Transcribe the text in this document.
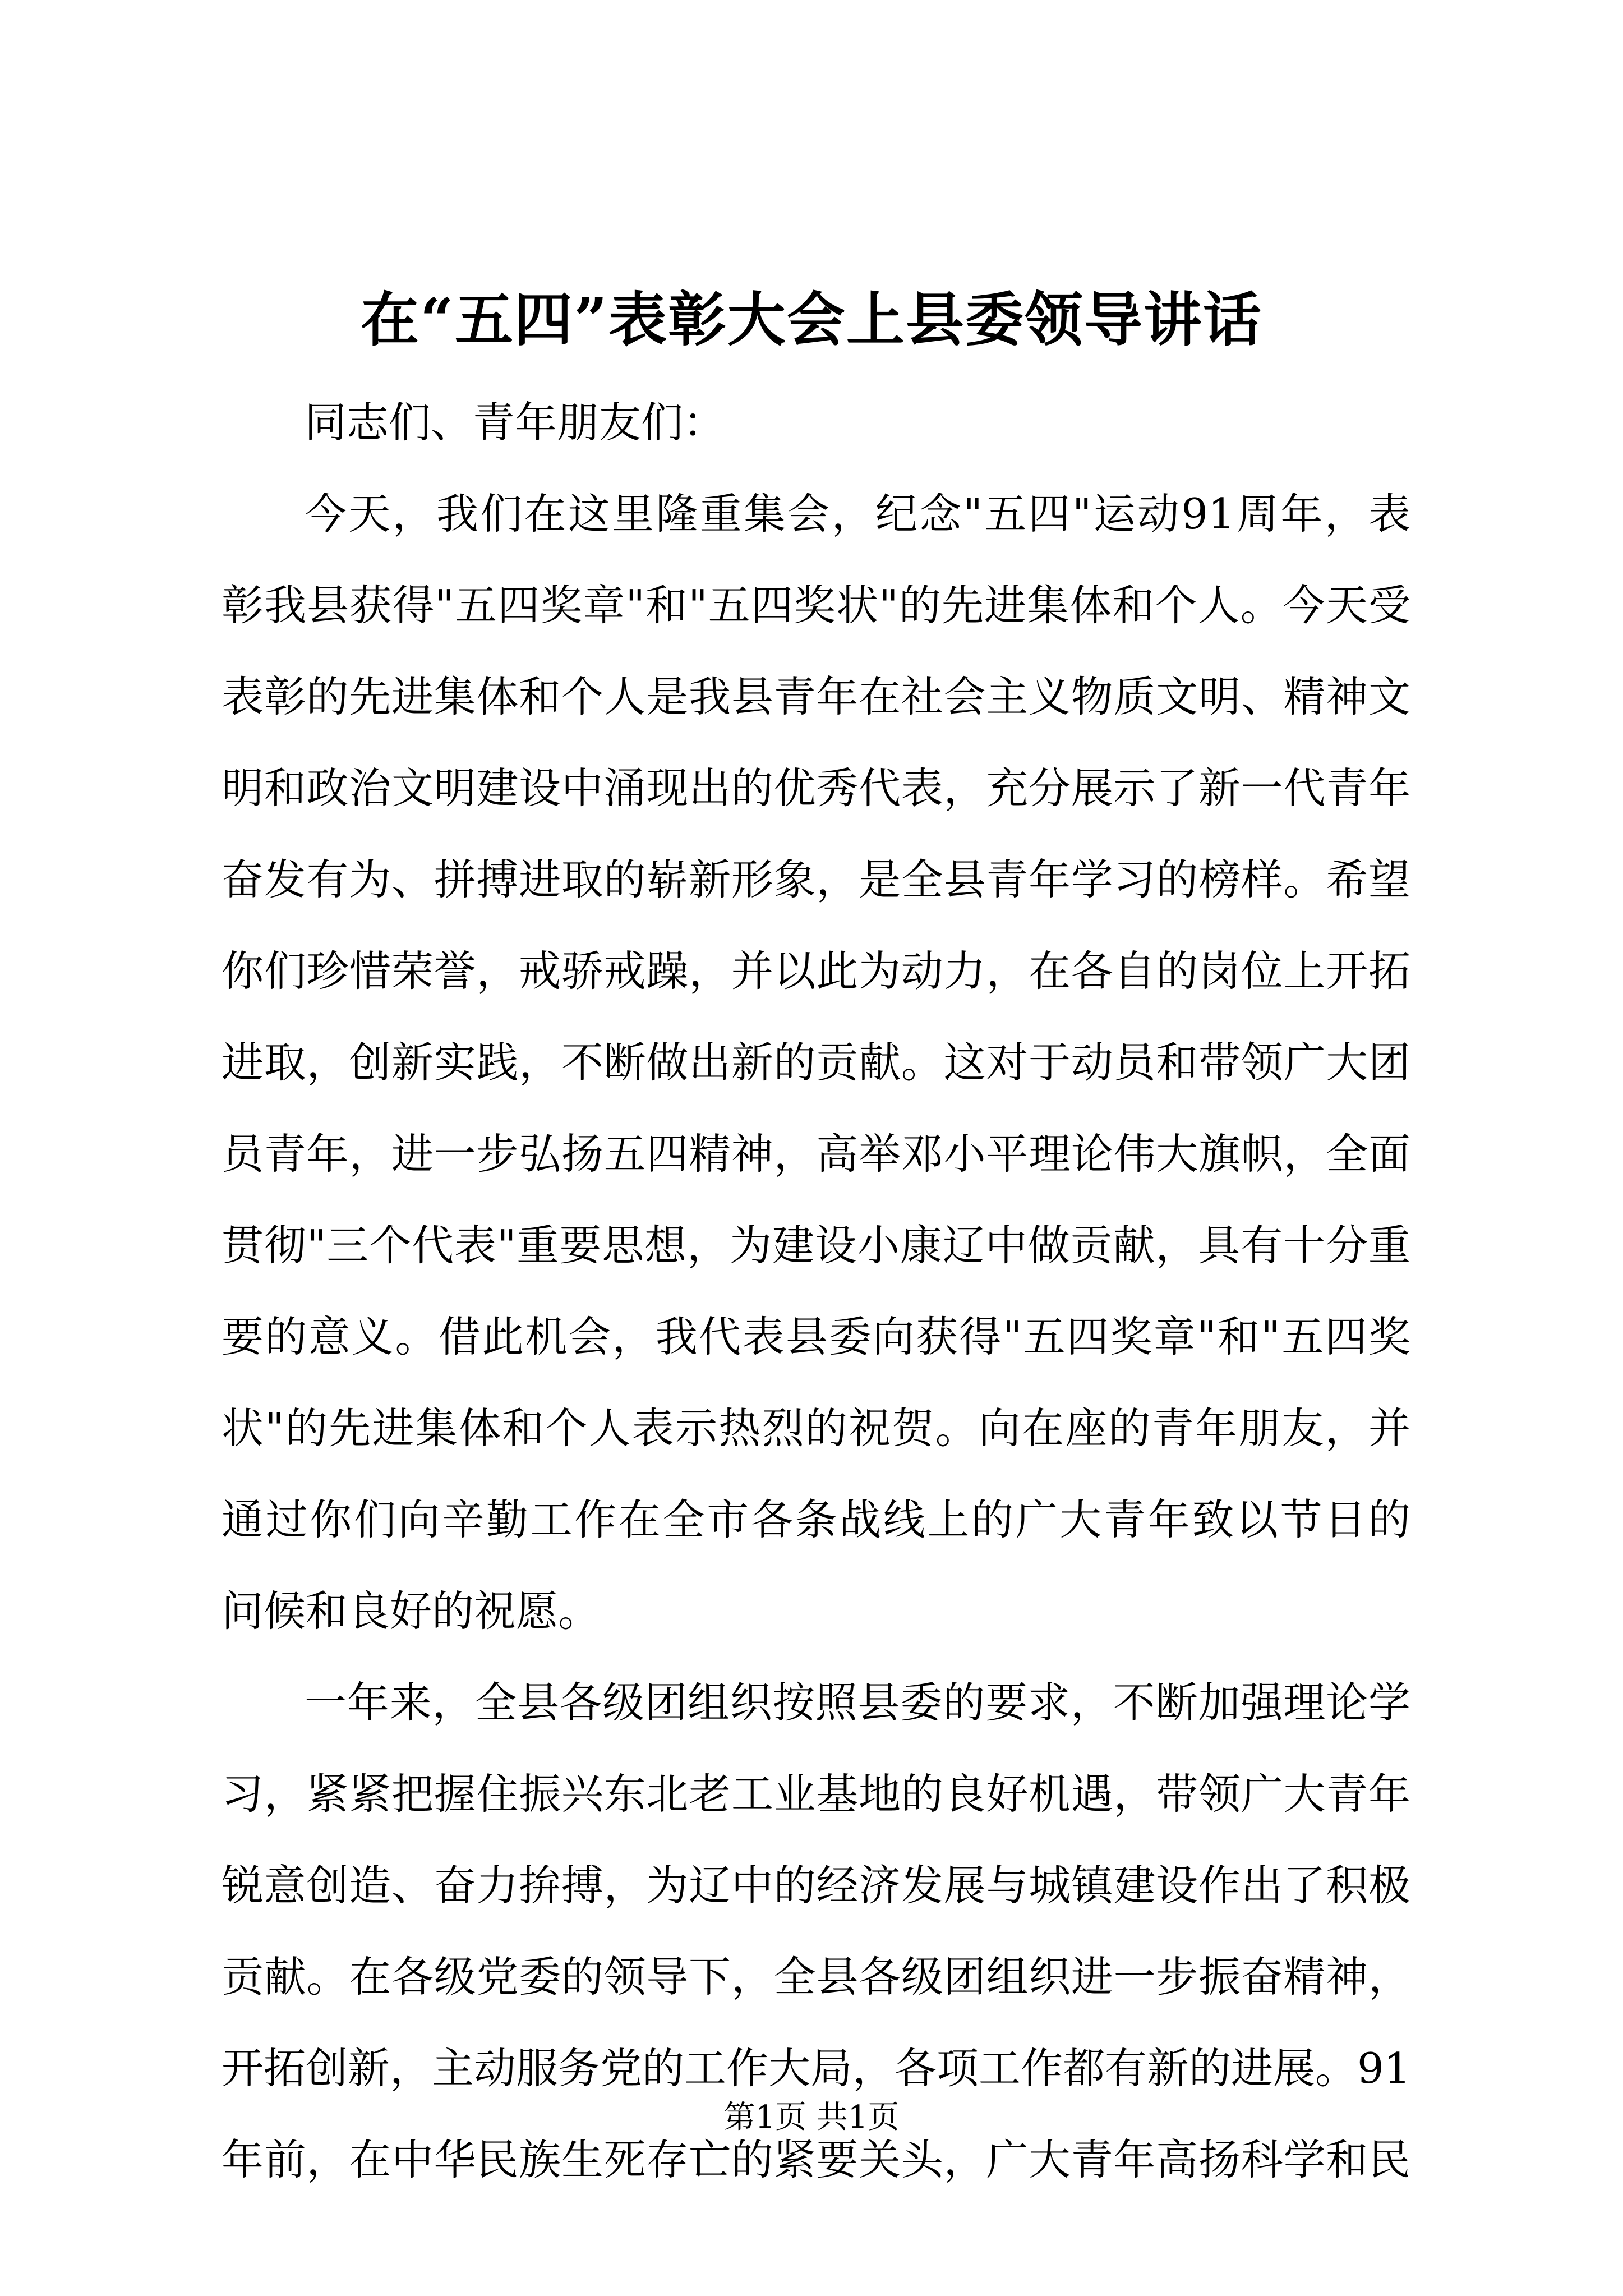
在“五四”表彰大会上县委领导讲话

同志们、青年朋友们：

今天，我们在这里隆重集会，纪念"五四"运动91周年，表
彰我县获得"五四奖章"和"五四奖状"的先进集体和个人。今天受
表彰的先进集体和个人是我县青年在社会主义物质文明、精神文
明和政治文明建设中涌现出的优秀代表，充分展示了新一代青年
奋发有为、拼搏进取的崭新形象，是全县青年学习的榜样。希望
你们珍惜荣誉，戒骄戒躁，并以此为动力，在各自的岗位上开拓
进取，创新实践，不断做出新的贡献。这对于动员和带领广大团
员青年，进一步弘扬五四精神，高举邓小平理论伟大旗帜，全面
贯彻"三个代表"重要思想，为建设小康辽中做贡献，具有十分重
要的意义。借此机会，我代表县委向获得"五四奖章"和"五四奖
状"的先进集体和个人表示热烈的祝贺。向在座的青年朋友，并
通过你们向辛勤工作在全市各条战线上的广大青年致以节日的
问候和良好的祝愿。
一年来，全县各级团组织按照县委的要求，不断加强理论学
习，紧紧把握住振兴东北老工业基地的良好机遇，带领广大青年
锐意创造、奋力拚搏，为辽中的经济发展与城镇建设作出了积极
贡献。在各级党委的领导下，全县各级团组织进一步振奋精神，
开拓创新，主动服务党的工作大局，各项工作都有新的进展。91
年前，在中华民族生死存亡的紧要关头，广大青年高扬科学和民
第1页 共1页
